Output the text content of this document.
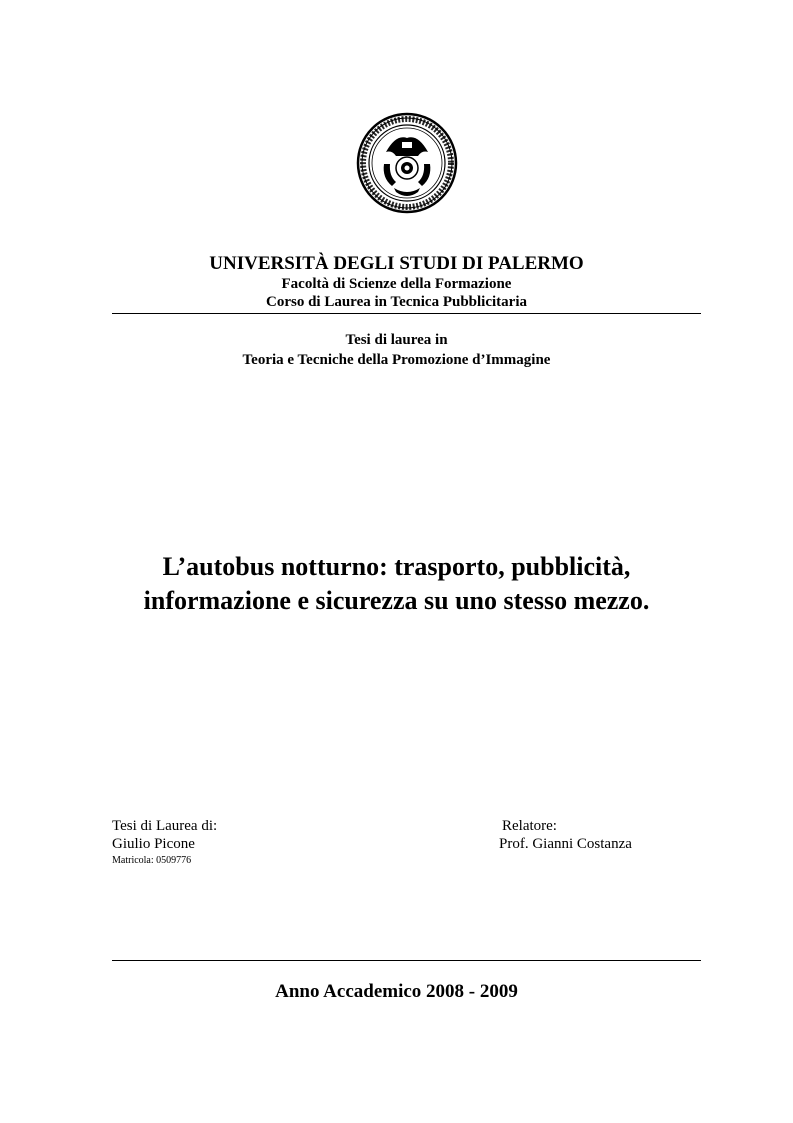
UNIVERSITÀ DEGLI STUDI DI PALERMO
Facoltà di Scienze della Formazione
Corso di Laurea in Tecnica Pubblicitaria
Tesi di laurea in
Teoria e Tecniche della Promozione d’Immagine
L’autobus notturno: trasporto, pubblicità,
informazione e sicurezza su uno stesso mezzo.
Tesi di Laurea di:
Giulio Picone
Matricola: 0509776
Relatore:
Prof. Gianni Costanza
Anno Accademico 2008 - 2009
